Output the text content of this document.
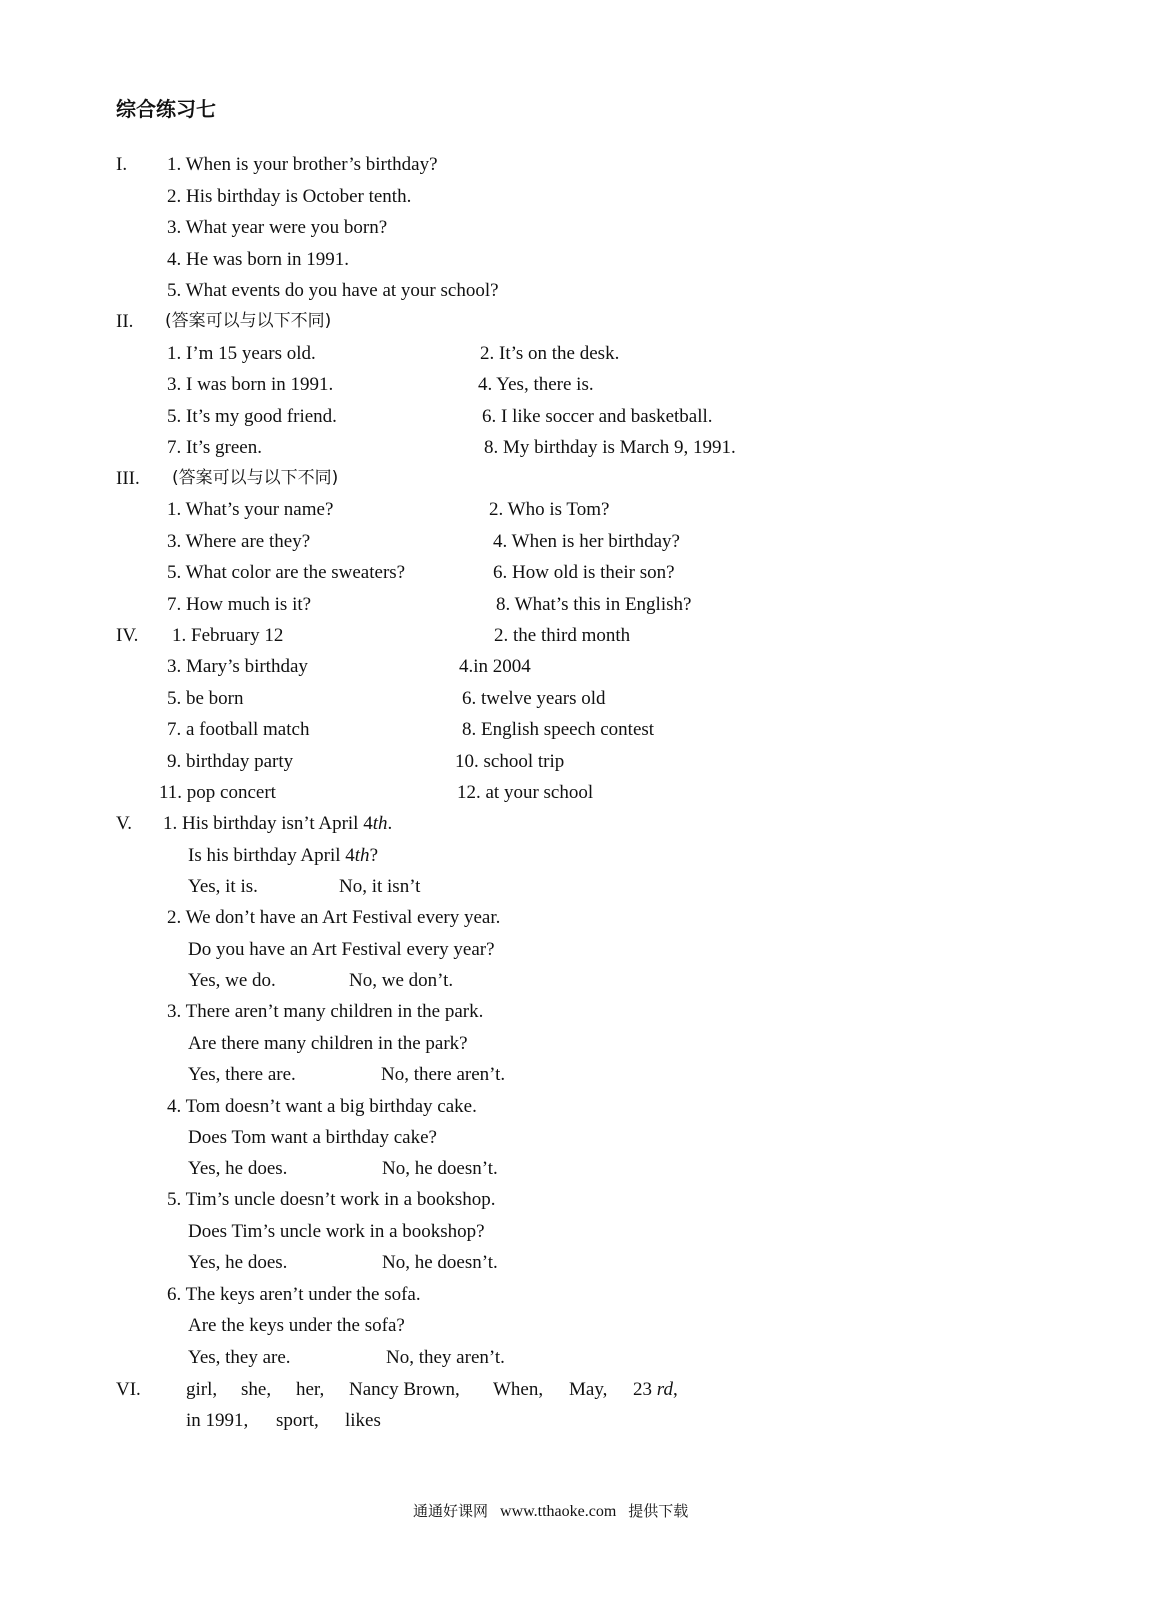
综合练习七
I. 1. When is your brother’s birthday?
2. His birthday is October tenth.
3. What year were you born?
4. He was born in 1991.
5. What events do you have at your school?
II. (答案可以与以下不同)
1. I’m 15 years old.	2. It’s on the desk.
3. I was born in 1991.	4. Yes, there is.
5. It’s my good friend.	6. I like soccer and basketball.
7. It’s green.	8. My birthday is March 9, 1991.
III. (答案可以与以下不同)
1. What’s your name?	2. Who is Tom?
3. Where are they?	4. When is her birthday?
5. What color are the sweaters?	6. How old is their son?
7. How much is it?	8. What’s this in English?
IV. 1. February 12	2. the third month
3. Mary’s birthday	4.in 2004
5. be born	6. twelve years old
7. a football match	8. English speech contest
9. birthday party	10. school trip
11. pop concert	12. at your school
V. 1. His birthday isn’t April 4th.
Is his birthday April 4th?
Yes, it is.	No, it isn’t
2. We don’t have an Art Festival every year.
Do you have an Art Festival every year?
Yes, we do.	No, we don’t.
3. There aren’t many children in the park.
Are there many children in the park?
Yes, there are.	No, there aren’t.
4. Tom doesn’t want a big birthday cake.
Does Tom want a birthday cake?
Yes, he does.	No, he doesn’t.
5. Tim’s uncle doesn’t work in a bookshop.
Does Tim’s uncle work in a bookshop?
Yes, he does.	No, he doesn’t.
6. The keys aren’t under the sofa.
Are the keys under the sofa?
Yes, they are.	No, they aren’t.
VI. girl, she, her, Nancy Brown, When, May, 23 rd,
in 1991, sport, likes
通通好课网 www.tthaoke.com 提供下载
